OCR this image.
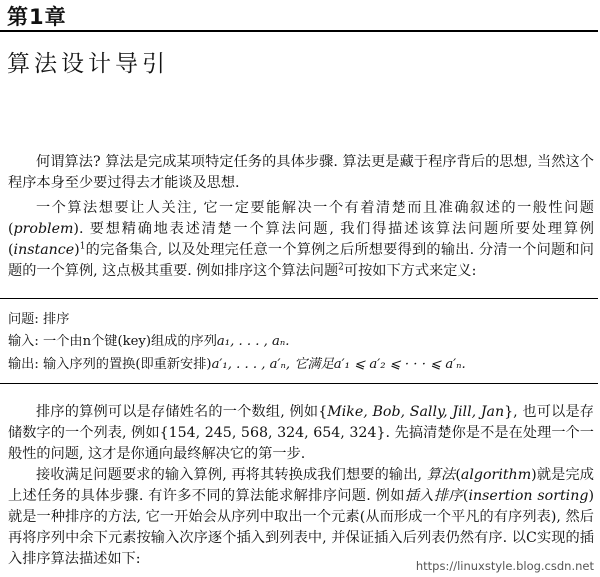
第1章
算法设计导引

何谓算法? 算法是完成某项特定任务的具体步骤. 算法更是藏于程序背后的思想, 当然这个程序本身至少要过得去才能谈及思想.

一个算法想要让人关注, 它一定要能解决一个有着清楚而且准确叙述的一般性问题(problem). 要想精确地表述清楚一个算法问题, 我们得描述该算法问题所要处理算例(instance)$^1$的完备集合, 以及处理完任意一个算例之后所想要得到的输出. 分清一个问题和问题的一个算例, 这点极其重要. 例如排序这个算法问题$^2$可按如下方式来定义:

问题: 排序
输入: 一个由n个键(key)组成的序列a₁, . . . , aₙ.
输出: 输入序列的置换(即重新安排)a′₁, . . . , a′ₙ, 它满足a′₁ ⩽ a′₂ ⩽ · · · ⩽ a′ₙ.

排序的算例可以是存储姓名的一个数组, 例如{Mike, Bob, Sally, Jill, Jan}, 也可以是存储数字的一个列表, 例如{154, 245, 568, 324, 654, 324}. 先搞清楚你是不是在处理一个一般性的问题, 这才是你通向最终解决它的第一步.

接收满足问题要求的输入算例, 再将其转换成我们想要的输出, 算法(algorithm)就是完成上述任务的具体步骤. 有许多不同的算法能求解排序问题. 例如插入排序(insertion sorting)就是一种排序的方法, 它一开始会从序列中取出一个元素(从而形成一个平凡的有序列表), 然后再将序列中余下元素按输入次序逐个插入到列表中, 并保证插入后列表仍然有序. 以C实现的插入排序算法描述如下:	https://linuxstyle.blog.csdn.net
